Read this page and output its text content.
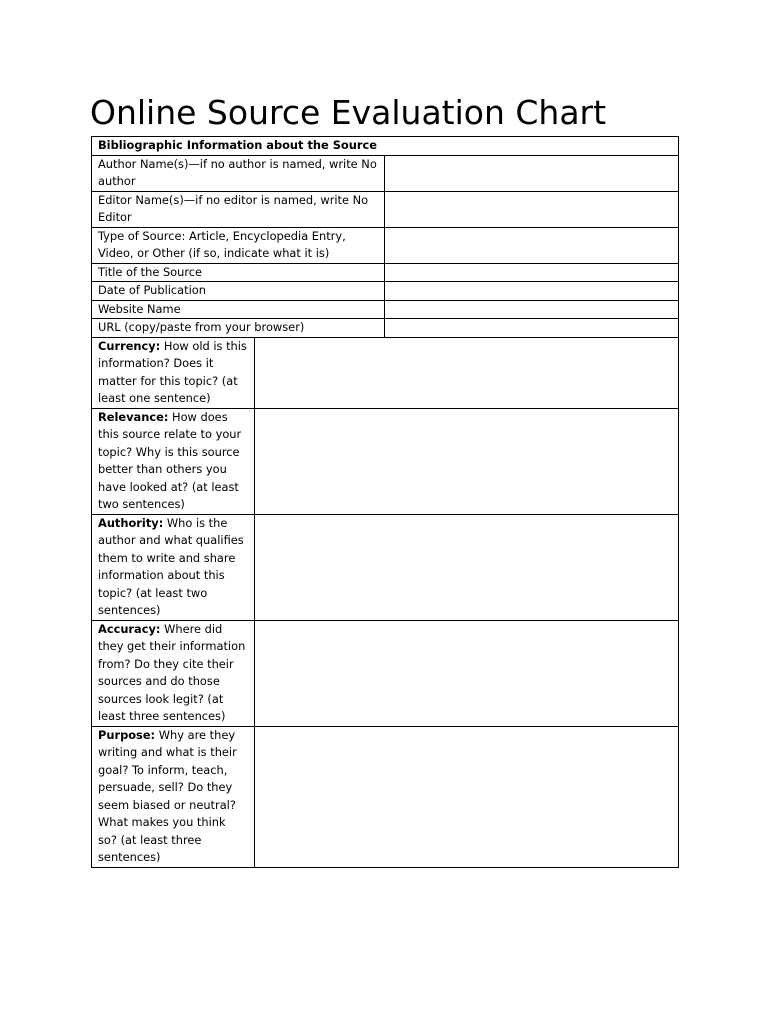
Online Source Evaluation Chart
Bibliographic Information about the Source	
Author Name(s)—if no author is named, write No author	
Editor Name(s)—if no editor is named, write No Editor	
Type of Source: Article, Encyclopedia Entry, Video, or Other (if so, indicate what it is)	
Title of the Source	
Date of Publication	
Website Name	
URL (copy/paste from your browser)	
Currency: How old is this information? Does it matter for this topic? (at least one sentence)	
Relevance: How does this source relate to your topic? Why is this source better than others you have looked at? (at least two sentences)	
Authority: Who is the author and what qualifies them to write and share information about this topic? (at least two sentences)	
Accuracy: Where did they get their information from? Do they cite their sources and do those sources look legit? (at least three sentences)	
Purpose: Why are they writing and what is their goal? To inform, teach, persuade, sell? Do they seem biased or neutral? What makes you think so? (at least three sentences)	
